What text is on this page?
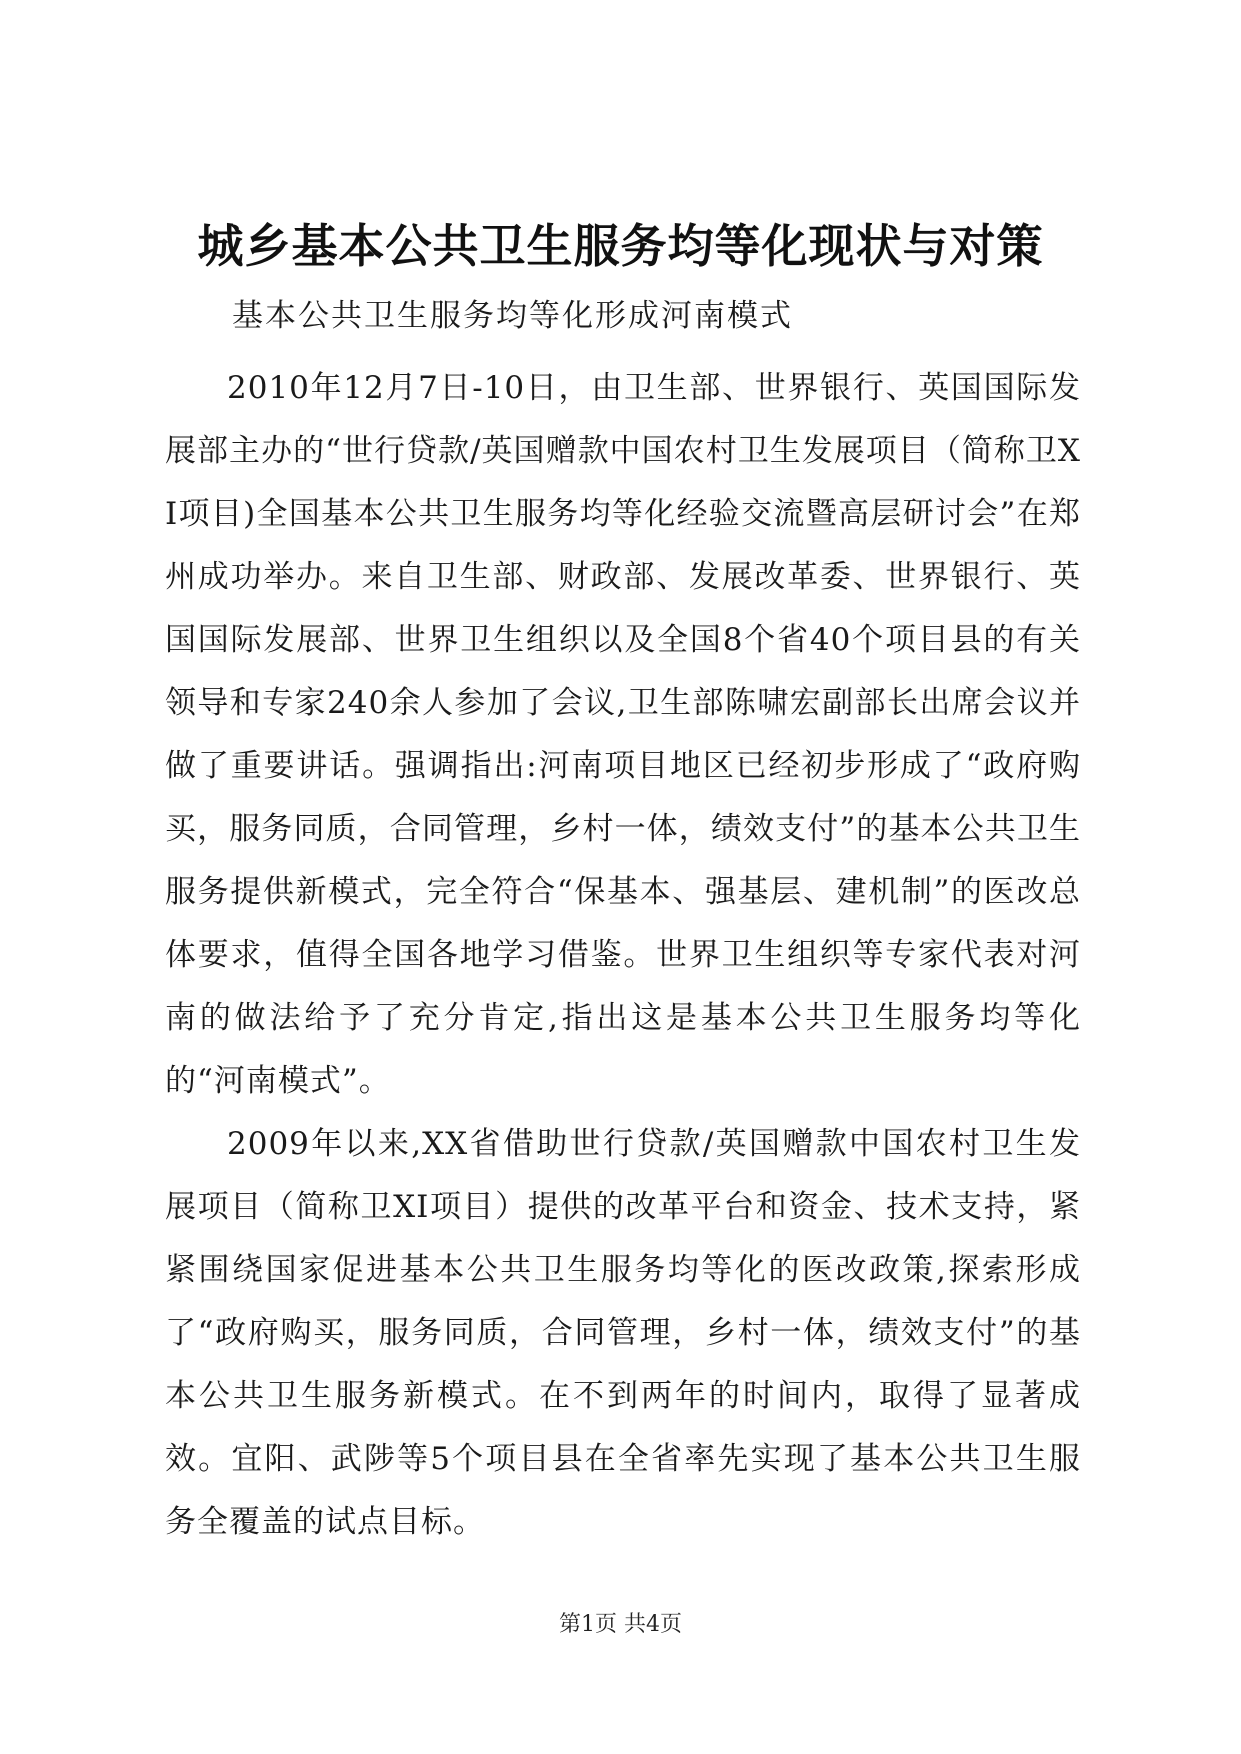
城乡基本公共卫生服务均等化现状与对策

基本公共卫生服务均等化形成河南模式

2010年12月7日-10日，由卫生部、世界银行、英国国际发展部主办的“世行贷款/英国赠款中国农村卫生发展项目（简称卫XI项目)全国基本公共卫生服务均等化经验交流暨高层研讨会”在郑州成功举办。来自卫生部、财政部、发展改革委、世界银行、英国国际发展部、世界卫生组织以及全国8个省40个项目县的有关领导和专家240余人参加了会议,卫生部陈啸宏副部长出席会议并做了重要讲话。强调指出:河南项目地区已经初步形成了“政府购买，服务同质，合同管理，乡村一体，绩效支付”的基本公共卫生服务提供新模式，完全符合“保基本、强基层、建机制”的医改总体要求，值得全国各地学习借鉴。世界卫生组织等专家代表对河南的做法给予了充分肯定,指出这是基本公共卫生服务均等化的“河南模式”。

2009年以来,XX省借助世行贷款/英国赠款中国农村卫生发展项目（简称卫XI项目）提供的改革平台和资金、技术支持，紧紧围绕国家促进基本公共卫生服务均等化的医改政策,探索形成了“政府购买，服务同质，合同管理，乡村一体，绩效支付”的基本公共卫生服务新模式。在不到两年的时间内，取得了显著成效。宜阳、武陟等5个项目县在全省率先实现了基本公共卫生服务全覆盖的试点目标。

第1页 共4页
